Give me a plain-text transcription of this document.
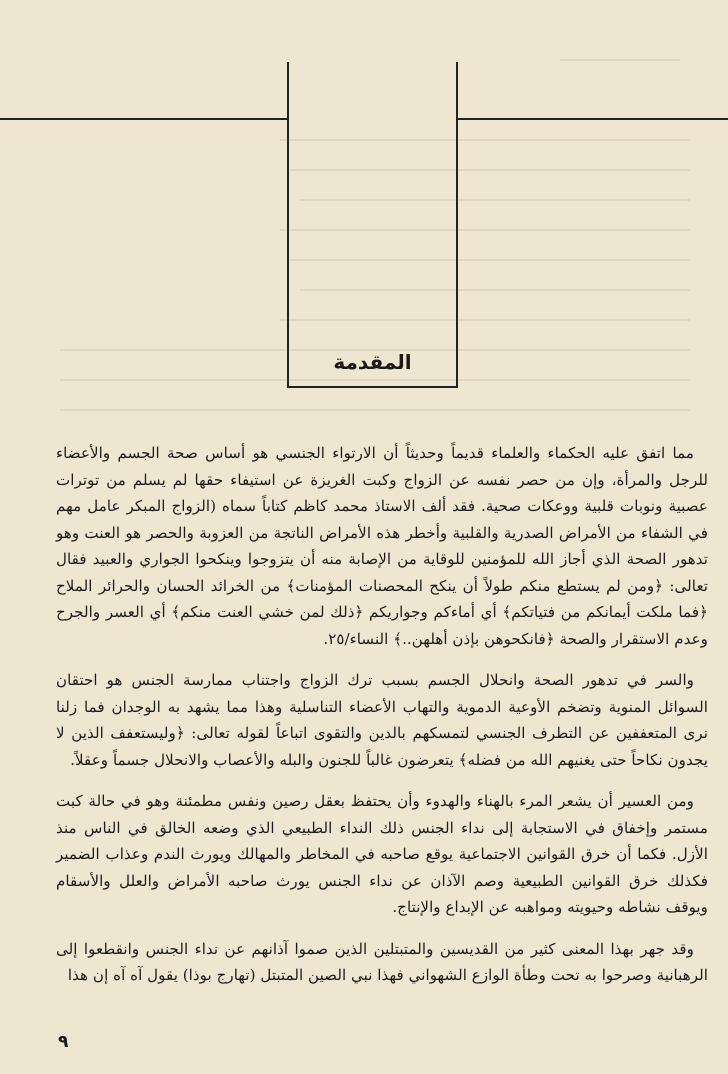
المقدمة

مما اتفق عليه الحكماء والعلماء قديماً وحديثاً أن الارتواء الجنسي هو أساس صحة الجسم والأعضاء للرجل والمرأة، وإن من حصر نفسه عن الزواج وكبت الغريزة عن استيفاء حقها لم يسلم من توترات عصبية ونوبات قلبية ووعكات صحية. فقد ألف الاستاذ محمد كاظم كتاباً سماه (الزواج المبكر عامل مهم في الشفاء من الأمراض الصدرية والقلبية وأخطر هذه الأمراض الناتجة من العزوبة والحصر هو العنت وهو تدهور الصحة الذي أجاز الله للمؤمنين للوقاية من الإصابة منه أن يتزوجوا وينكحوا الجواري والعبيد فقال تعالى: ﴿ومن لم يستطع منكم طولاً أن ينكح المحصنات المؤمنات﴾ من الخرائد الحسان والحرائر الملاح ﴿فما ملكت أيمانكم من فتياتكم﴾ أي أماءكم وجواريكم ﴿ذلك لمن خشي العنت منكم﴾ أي العسر والجرح وعدم الاستقرار والصحة ﴿فانكحوهن بإذن أهلهن..﴾ النساء/٢٥.

والسر في تدهور الصحة وانحلال الجسم بسبب ترك الزواج واجتناب ممارسة الجنس هو احتقان السوائل المنوية وتضخم الأوعية الدموية والتهاب الأعضاء التناسلية وهذا مما يشهد به الوجدان فما زلنا نرى المتعففين عن التطرف الجنسي لتمسكهم بالدين والتقوى اتباعاً لقوله تعالى: ﴿وليستعفف الذين لا يجدون نكاحاً حتى يغنيهم الله من فضله﴾ يتعرضون غالباً للجنون والبله والأعصاب والانحلال جسماً وعقلاً.

ومن العسير أن يشعر المرء بالهناء والهدوء وأن يحتفظ بعقل رصين ونفس مطمئنة وهو في حالة كبت مستمر وإخفاق في الاستجابة إلى نداء الجنس ذلك النداء الطبيعي الذي وضعه الخالق في الناس منذ الأزل. فكما أن خرق القوانين الاجتماعية يوقع صاحبه في المخاطر والمهالك ويورث الندم وعذاب الضمير فكذلك خرق القوانين الطبيعية وصم الآذان عن نداء الجنس يورث صاحبه الأمراض والعلل والأسقام ويوقف نشاطه وحيويته ومواهبه عن الإبداع والإنتاج.

وقد جهر بهذا المعنى كثير من القديسين والمتبتلين الذين صموا آذانهم عن نداء الجنس وانقطعوا إلى الرهبانية وصرحوا به تحت وطأة الوازع الشهواني فهذا نبي الصين المتبتل (تهارج بوذا) يقول آه آه إن هذا

٩
